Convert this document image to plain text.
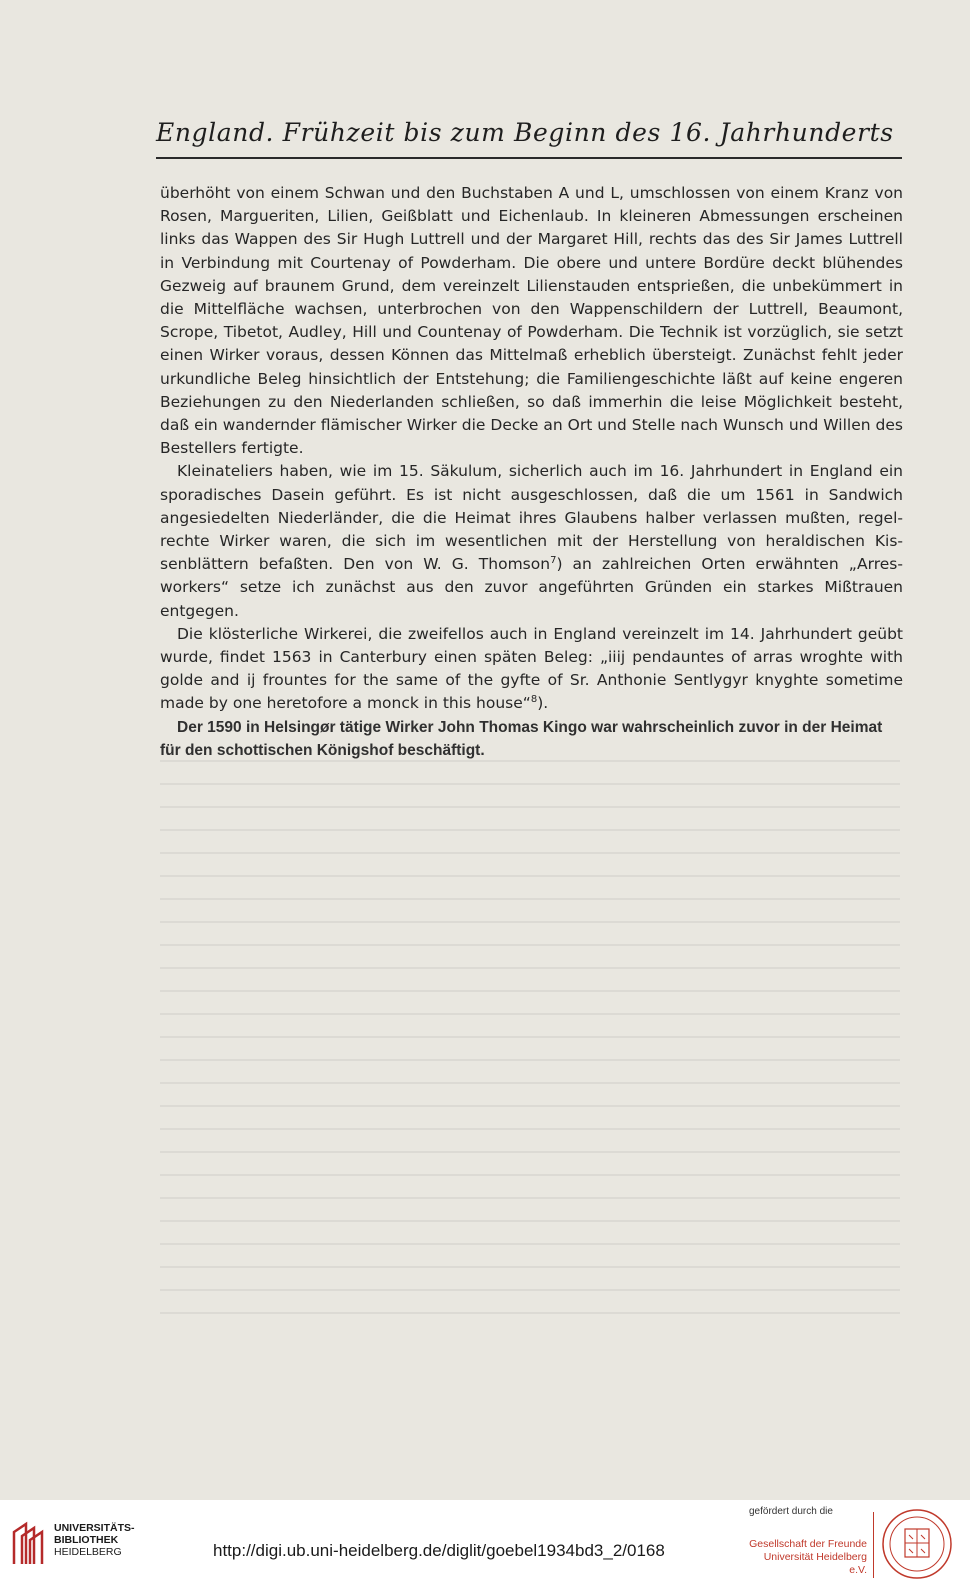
England. Frühzeit bis zum Beginn des 16. Jahrhunderts

überhöht von einem Schwan und den Buchstaben A und L, umschlossen von einem Kranz von Rosen, Margueriten, Lilien, Geißblatt und Eichenlaub. In kleineren Abmessungen erscheinen links das Wappen des Sir Hugh Luttrell und der Margaret Hill, rechts das des Sir James Luttrell in Verbindung mit Courtenay of Powderham. Die obere und untere Bordüre deckt blühendes Gezweig auf braunem Grund, dem vereinzelt Lilienstauden entsprießen, die unbekümmert in die Mittelfläche wachsen, unterbrochen von den Wappenschildern der Luttrell, Beaumont, Scrope, Tibetot, Audley, Hill und Countenay of Powderham. Die Technik ist vorzüglich, sie setzt einen Wirker voraus, dessen Können das Mittelmaß erheblich übersteigt. Zunächst fehlt jeder urkundliche Beleg hinsichtlich der Entstehung; die Familiengeschichte läßt auf keine engeren Beziehungen zu den Niederlanden schließen, so daß immerhin die leise Möglichkeit besteht, daß ein wandernder flämischer Wirker die Decke an Ort und Stelle nach Wunsch und Willen des Bestellers fertigte.

Kleinateliers haben, wie im 15. Säkulum, sicherlich auch im 16. Jahrhundert in England ein sporadisches Dasein geführt. Es ist nicht ausgeschlossen, daß die um 1561 in Sandwich angesiedelten Niederländer, die die Heimat ihres Glaubens halber verlassen mußten, regelrechte Wirker waren, die sich im wesentlichen mit der Herstellung von heraldischen Kissenblättern befaßten. Den von W. G. Thomson$^7$) an zahlreichen Orten erwähnten „Arresworkers“ setze ich zunächst aus den zuvor angeführten Gründen ein starkes Mißtrauen entgegen.

Die klösterliche Wirkerei, die zweifellos auch in England vereinzelt im 14. Jahrhundert geübt wurde, findet 1563 in Canterbury einen späten Beleg: „iiij pendauntes of arras wroghte with golde and ij frountes for the same of the gyfte of Sr. Anthonie Sentlygyr knyghte sometime made by one heretofore a monck in this house“$^8$).

Der 1590 in Helsingør tätige Wirker John Thomas Kingo war wahrscheinlich zuvor in der Heimat für den schottischen Königshof beschäftigt.

UNIVERSITÄTS-
BIBLIOTHEK
HEIDELBERG	http://digi.ub.uni-heidelberg.de/diglit/goebel1934bd3_2/0168
gefördert durch die
Gesellschaft der Freunde
Universität Heidelberg e.V.
